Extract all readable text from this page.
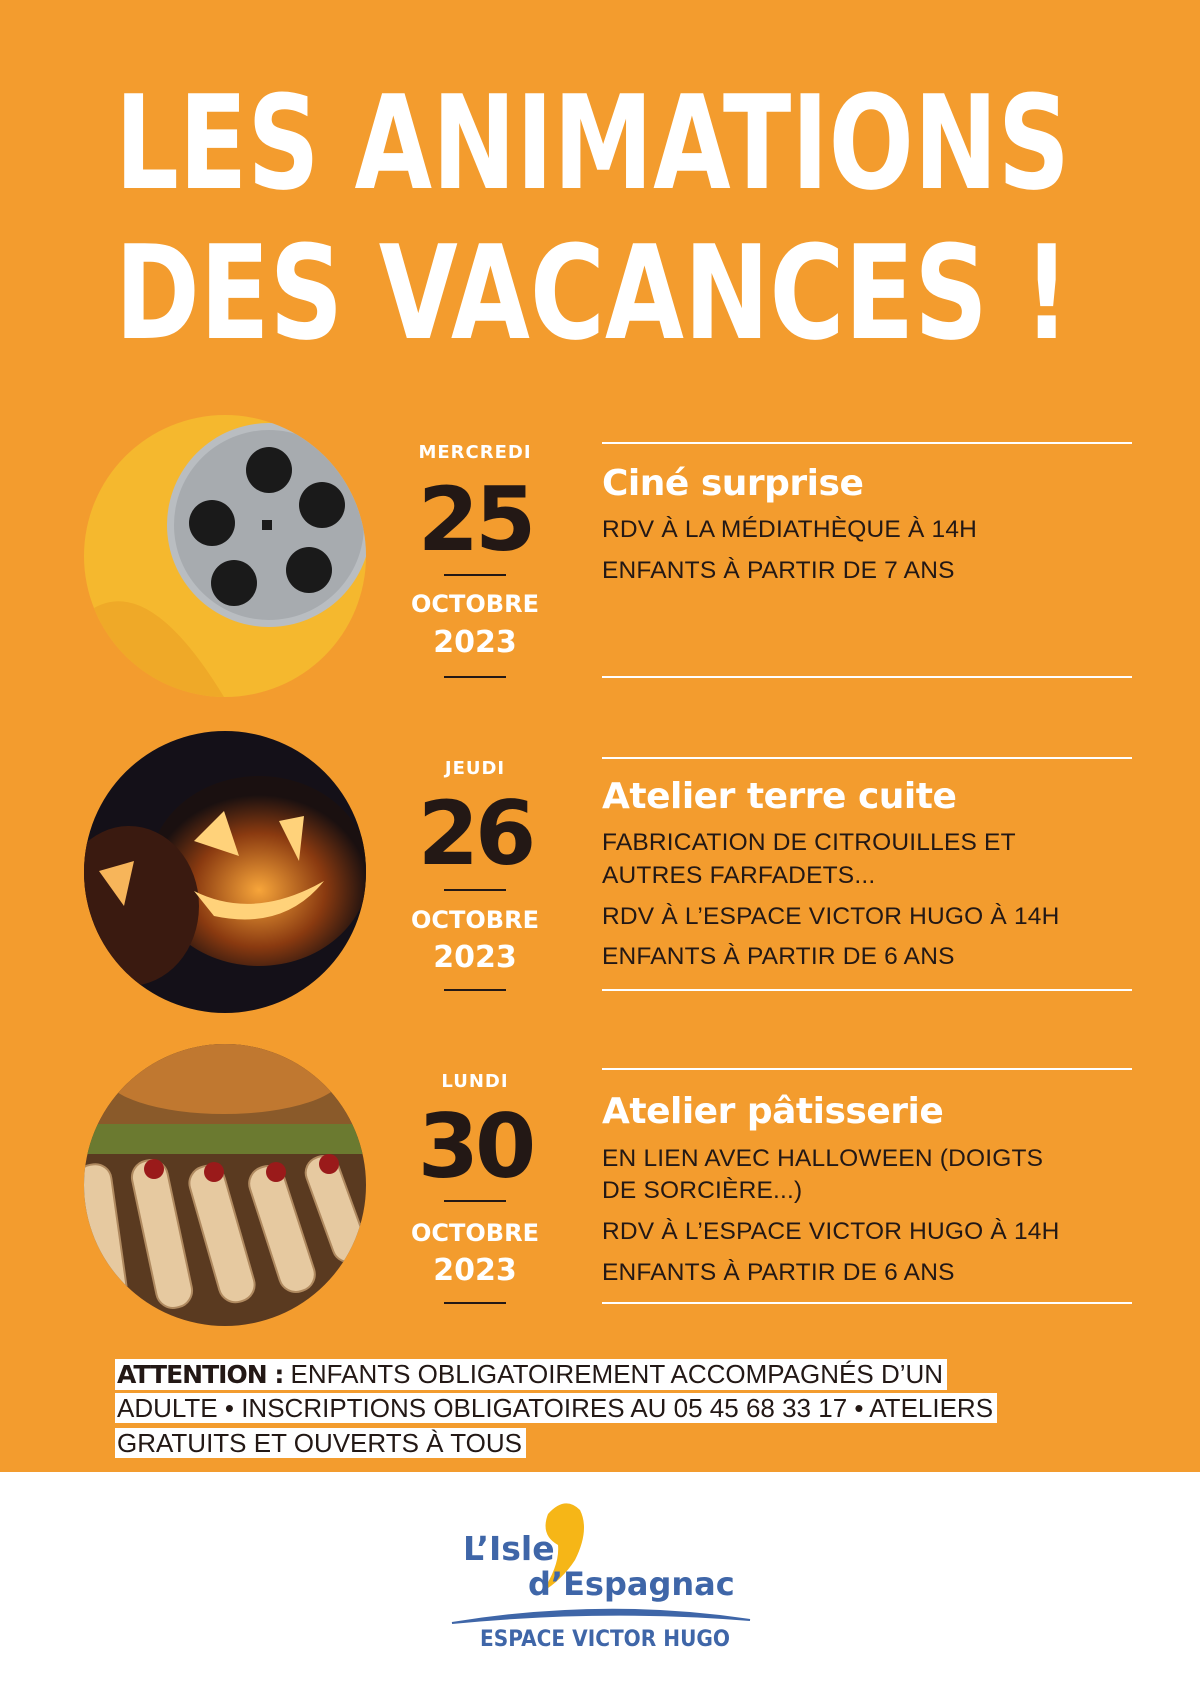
LES ANIMATIONS
DES VACANCES !
MERCREDI
25
OCTOBRE
2023
Ciné surprise
RDV À LA MÉDIATHÈQUE À 14H
ENFANTS À PARTIR DE 7 ANS
JEUDI
26
OCTOBRE
2023
Atelier terre cuite
FABRICATION DE CITROUILLES ET
AUTRES FARFADETS...
RDV À L’ESPACE VICTOR HUGO À 14H
ENFANTS À PARTIR DE 6 ANS
LUNDI
30
OCTOBRE
2023
Atelier pâtisserie
EN LIEN AVEC HALLOWEEN (DOIGTS
DE SORCIÈRE...)
RDV À L’ESPACE VICTOR HUGO À 14H
ENFANTS À PARTIR DE 6 ANS
ATTENTION : ENFANTS OBLIGATOIREMENT ACCOMPAGNÉS D’UN
ADULTE • INSCRIPTIONS OBLIGATOIRES AU 05 45 68 33 17 • ATELIERS
GRATUITS ET OUVERTS À TOUS
L’Isle
d’Espagnac
ESPACE VICTOR HUGO
